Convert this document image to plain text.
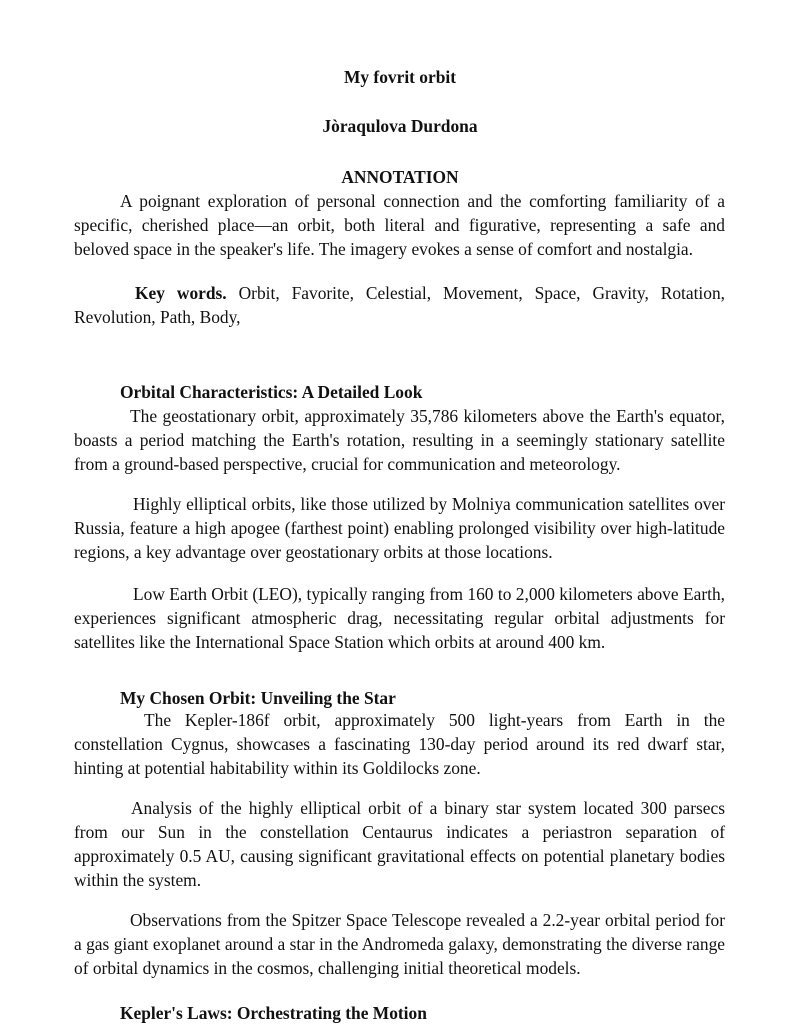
My fovrit orbit
Jòraqulova Durdona
ANNOTATION
A poignant exploration of personal connection and the comforting familiarity of a specific, cherished place—an orbit, both literal and figurative, representing a safe and beloved space in the speaker's life. The imagery evokes a sense of comfort and nostalgia.
Key words. Orbit, Favorite, Celestial, Movement, Space, Gravity, Rotation, Revolution, Path, Body,
Orbital Characteristics: A Detailed Look
The geostationary orbit, approximately 35,786 kilometers above the Earth's equator, boasts a period matching the Earth's rotation, resulting in a seemingly stationary satellite from a ground-based perspective, crucial for communication and meteorology.
Highly elliptical orbits, like those utilized by Molniya communication satellites over Russia, feature a high apogee (farthest point) enabling prolonged visibility over high-latitude regions, a key advantage over geostationary orbits at those locations.
Low Earth Orbit (LEO), typically ranging from 160 to 2,000 kilometers above Earth, experiences significant atmospheric drag, necessitating regular orbital adjustments for satellites like the International Space Station which orbits at around 400 km.
My Chosen Orbit: Unveiling the Star
The Kepler-186f orbit, approximately 500 light-years from Earth in the constellation Cygnus, showcases a fascinating 130-day period around its red dwarf star, hinting at potential habitability within its Goldilocks zone.
Analysis of the highly elliptical orbit of a binary star system located 300 parsecs from our Sun in the constellation Centaurus indicates a periastron separation of approximately 0.5 AU, causing significant gravitational effects on potential planetary bodies within the system.
Observations from the Spitzer Space Telescope revealed a 2.2-year orbital period for a gas giant exoplanet around a star in the Andromeda galaxy, demonstrating the diverse range of orbital dynamics in the cosmos, challenging initial theoretical models.
Kepler's Laws: Orchestrating the Motion
